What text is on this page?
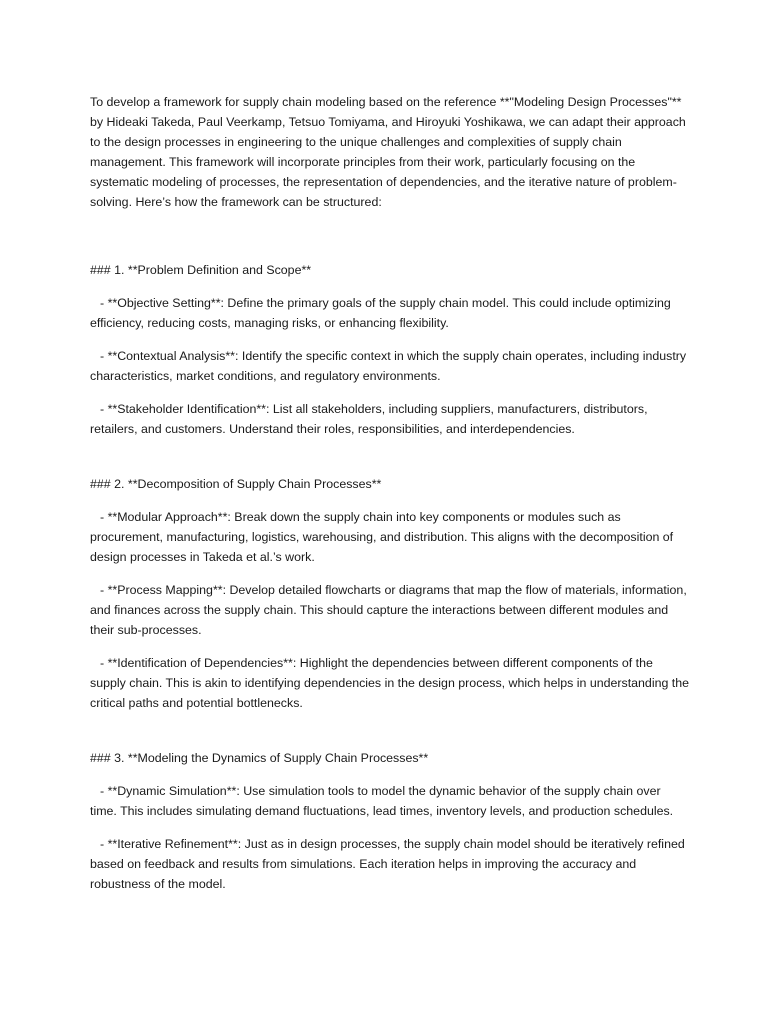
To develop a framework for supply chain modeling based on the reference **"Modeling Design Processes"** by Hideaki Takeda, Paul Veerkamp, Tetsuo Tomiyama, and Hiroyuki Yoshikawa, we can adapt their approach to the design processes in engineering to the unique challenges and complexities of supply chain management. This framework will incorporate principles from their work, particularly focusing on the systematic modeling of processes, the representation of dependencies, and the iterative nature of problem-solving. Here’s how the framework can be structured:

### 1. **Problem Definition and Scope**

- **Objective Setting**: Define the primary goals of the supply chain model. This could include optimizing efficiency, reducing costs, managing risks, or enhancing flexibility.

- **Contextual Analysis**: Identify the specific context in which the supply chain operates, including industry characteristics, market conditions, and regulatory environments.

- **Stakeholder Identification**: List all stakeholders, including suppliers, manufacturers, distributors, retailers, and customers. Understand their roles, responsibilities, and interdependencies.

### 2. **Decomposition of Supply Chain Processes**

- **Modular Approach**: Break down the supply chain into key components or modules such as procurement, manufacturing, logistics, warehousing, and distribution. This aligns with the decomposition of design processes in Takeda et al.’s work.

- **Process Mapping**: Develop detailed flowcharts or diagrams that map the flow of materials, information, and finances across the supply chain. This should capture the interactions between different modules and their sub-processes.

- **Identification of Dependencies**: Highlight the dependencies between different components of the supply chain. This is akin to identifying dependencies in the design process, which helps in understanding the critical paths and potential bottlenecks.

### 3. **Modeling the Dynamics of Supply Chain Processes**

- **Dynamic Simulation**: Use simulation tools to model the dynamic behavior of the supply chain over time. This includes simulating demand fluctuations, lead times, inventory levels, and production schedules.

- **Iterative Refinement**: Just as in design processes, the supply chain model should be iteratively refined based on feedback and results from simulations. Each iteration helps in improving the accuracy and robustness of the model.
